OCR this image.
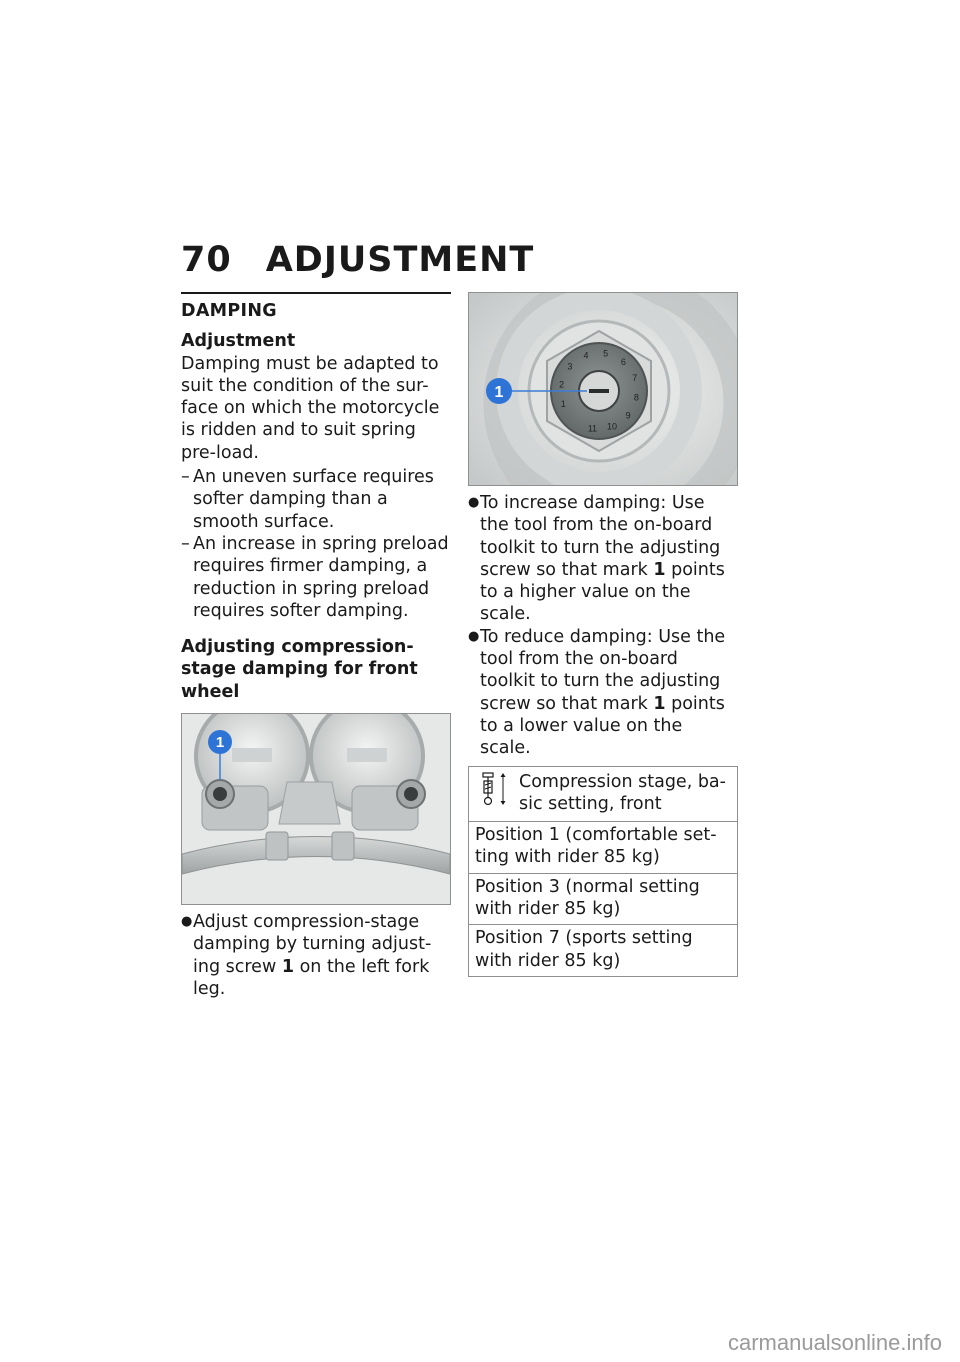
70 ADJUSTMENT
DAMPING
Adjustment
Damping must be adapted to suit the condition of the sur-face on which the motorcycle is ridden and to suit spring pre-load.
– An uneven surface requires softer damping than a smooth surface.
– An increase in spring preload requires firmer damping, a reduction in spring preload requires softer damping.
Adjusting compression-stage damping for front wheel
1
● Adjust compression-stage damping by turning adjust-ing screw 1 on the left fork leg.
1
2
3
4 5
6
7
8
9
10
11
1
● To increase damping: Use the tool from the on-board toolkit to turn the adjusting screw so that mark 1 points to a higher value on the scale.
● To reduce damping: Use the tool from the on-board toolkit to turn the adjusting screw so that mark 1 points to a lower value on the scale.
Compression stage, ba-sic setting, front
Position 1 (comfortable set-ting with rider 85 kg)
Position 3 (normal setting with rider 85 kg)
Position 7 (sports setting with rider 85 kg)
carmanualsonline.info
